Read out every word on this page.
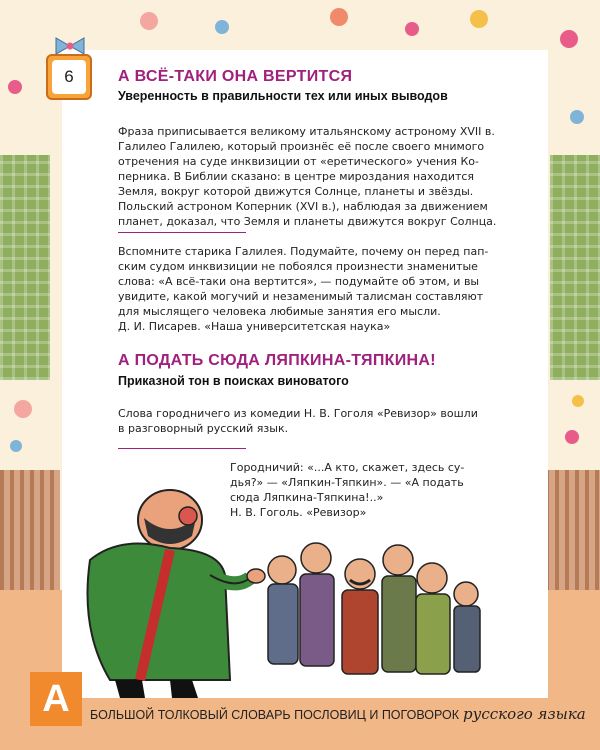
6	А ВСЁ-ТАКИ ОНА ВЕРТИТСЯ
Уверенность в правильности тех или иных выводов
Фраза приписывается великому итальянскому астроному XVII в.
Галилео Галилею, который произнёс её после своего мнимого
отречения на суде инквизиции от «еретического» учения Ко-
перника. В Библии сказано: в центре мироздания находится
Земля, вокруг которой движутся Солнце, планеты и звёзды.
Польский астроном Коперник (XVI в.), наблюдая за движением
планет, доказал, что Земля и планеты движутся вокруг Солнца.
Вспомните старика Галилея. Подумайте, почему он перед пап-
ским судом инквизиции не побоялся произнести знаменитые
слова: «А всё-таки она вертится», — подумайте об этом, и вы
увидите, какой могучий и незаменимый талисман составляют
для мыслящего человека любимые занятия его мысли.
Д. И. Писарев. «Наша университетская наука»
А ПОДАТЬ СЮДА ЛЯПКИНА-ТЯПКИНА!
Приказной тон в поисках виноватого
Слова городничего из комедии Н. В. Гоголя «Ревизор» вошли
в разговорный русский язык.
Городничий: «...А кто, скажет, здесь су-
дья?» — «Ляпкин-Тяпкин». — «А подать
сюда Ляпкина-Тяпкина!..»
Н. В. Гоголь. «Ревизор»
А	БОЛЬШОЙ ТОЛКОВЫЙ СЛОВАРЬ ПОСЛОВИЦ И ПОГОВОРОК русского языка
